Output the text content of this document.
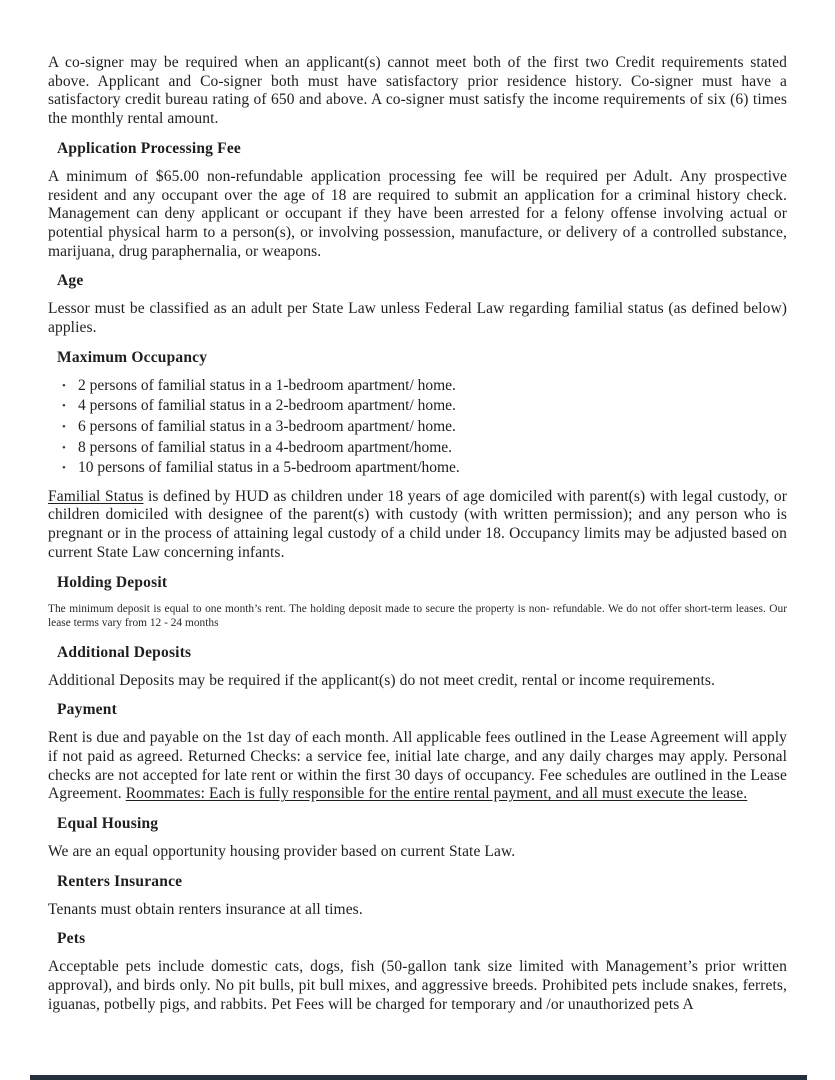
A co-signer may be required when an applicant(s) cannot meet both of the first two Credit requirements stated above. Applicant and Co-signer both must have satisfactory prior residence history. Co-signer must have a satisfactory credit bureau rating of 650 and above. A co-signer must satisfy the income requirements of six (6) times the monthly rental amount.

Application Processing Fee

A minimum of $65.00 non-refundable application processing fee will be required per Adult. Any prospective resident and any occupant over the age of 18 are required to submit an application for a criminal history check. Management can deny applicant or occupant if they have been arrested for a felony offense involving actual or potential physical harm to a person(s), or involving possession, manufacture, or delivery of a controlled substance, marijuana, drug paraphernalia, or weapons.

Age

Lessor must be classified as an adult per State Law unless Federal Law regarding familial status (as defined below) applies.

Maximum Occupancy
• 2 persons of familial status in a 1-bedroom apartment/ home.
• 4 persons of familial status in a 2-bedroom apartment/ home.
• 6 persons of familial status in a 3-bedroom apartment/ home.
• 8 persons of familial status in a 4-bedroom apartment/home.
• 10 persons of familial status in a 5-bedroom apartment/home.

Familial Status is defined by HUD as children under 18 years of age domiciled with parent(s) with legal custody, or children domiciled with designee of the parent(s) with custody (with written permission); and any person who is pregnant or in the process of attaining legal custody of a child under 18. Occupancy limits may be adjusted based on current State Law concerning infants.

Holding Deposit

The minimum deposit is equal to one month’s rent. The holding deposit made to secure the property is non- refundable. We do not offer short-term leases. Our lease terms vary from 12 - 24 months

Additional Deposits

Additional Deposits may be required if the applicant(s) do not meet credit, rental or income requirements.

Payment

Rent is due and payable on the 1st day of each month. All applicable fees outlined in the Lease Agreement will apply if not paid as agreed. Returned Checks: a service fee, initial late charge, and any daily charges may apply. Personal checks are not accepted for late rent or within the first 30 days of occupancy. Fee schedules are outlined in the Lease Agreement. Roommates: Each is fully responsible for the entire rental payment, and all must execute the lease.

Equal Housing

We are an equal opportunity housing provider based on current State Law.

Renters Insurance

Tenants must obtain renters insurance at all times.

Pets

Acceptable pets include domestic cats, dogs, fish (50-gallon tank size limited with Management’s prior written approval), and birds only. No pit bulls, pit bull mixes, and aggressive breeds. Prohibited pets include snakes, ferrets, iguanas, potbelly pigs, and rabbits. Pet Fees will be charged for temporary and /or unauthorized pets A
